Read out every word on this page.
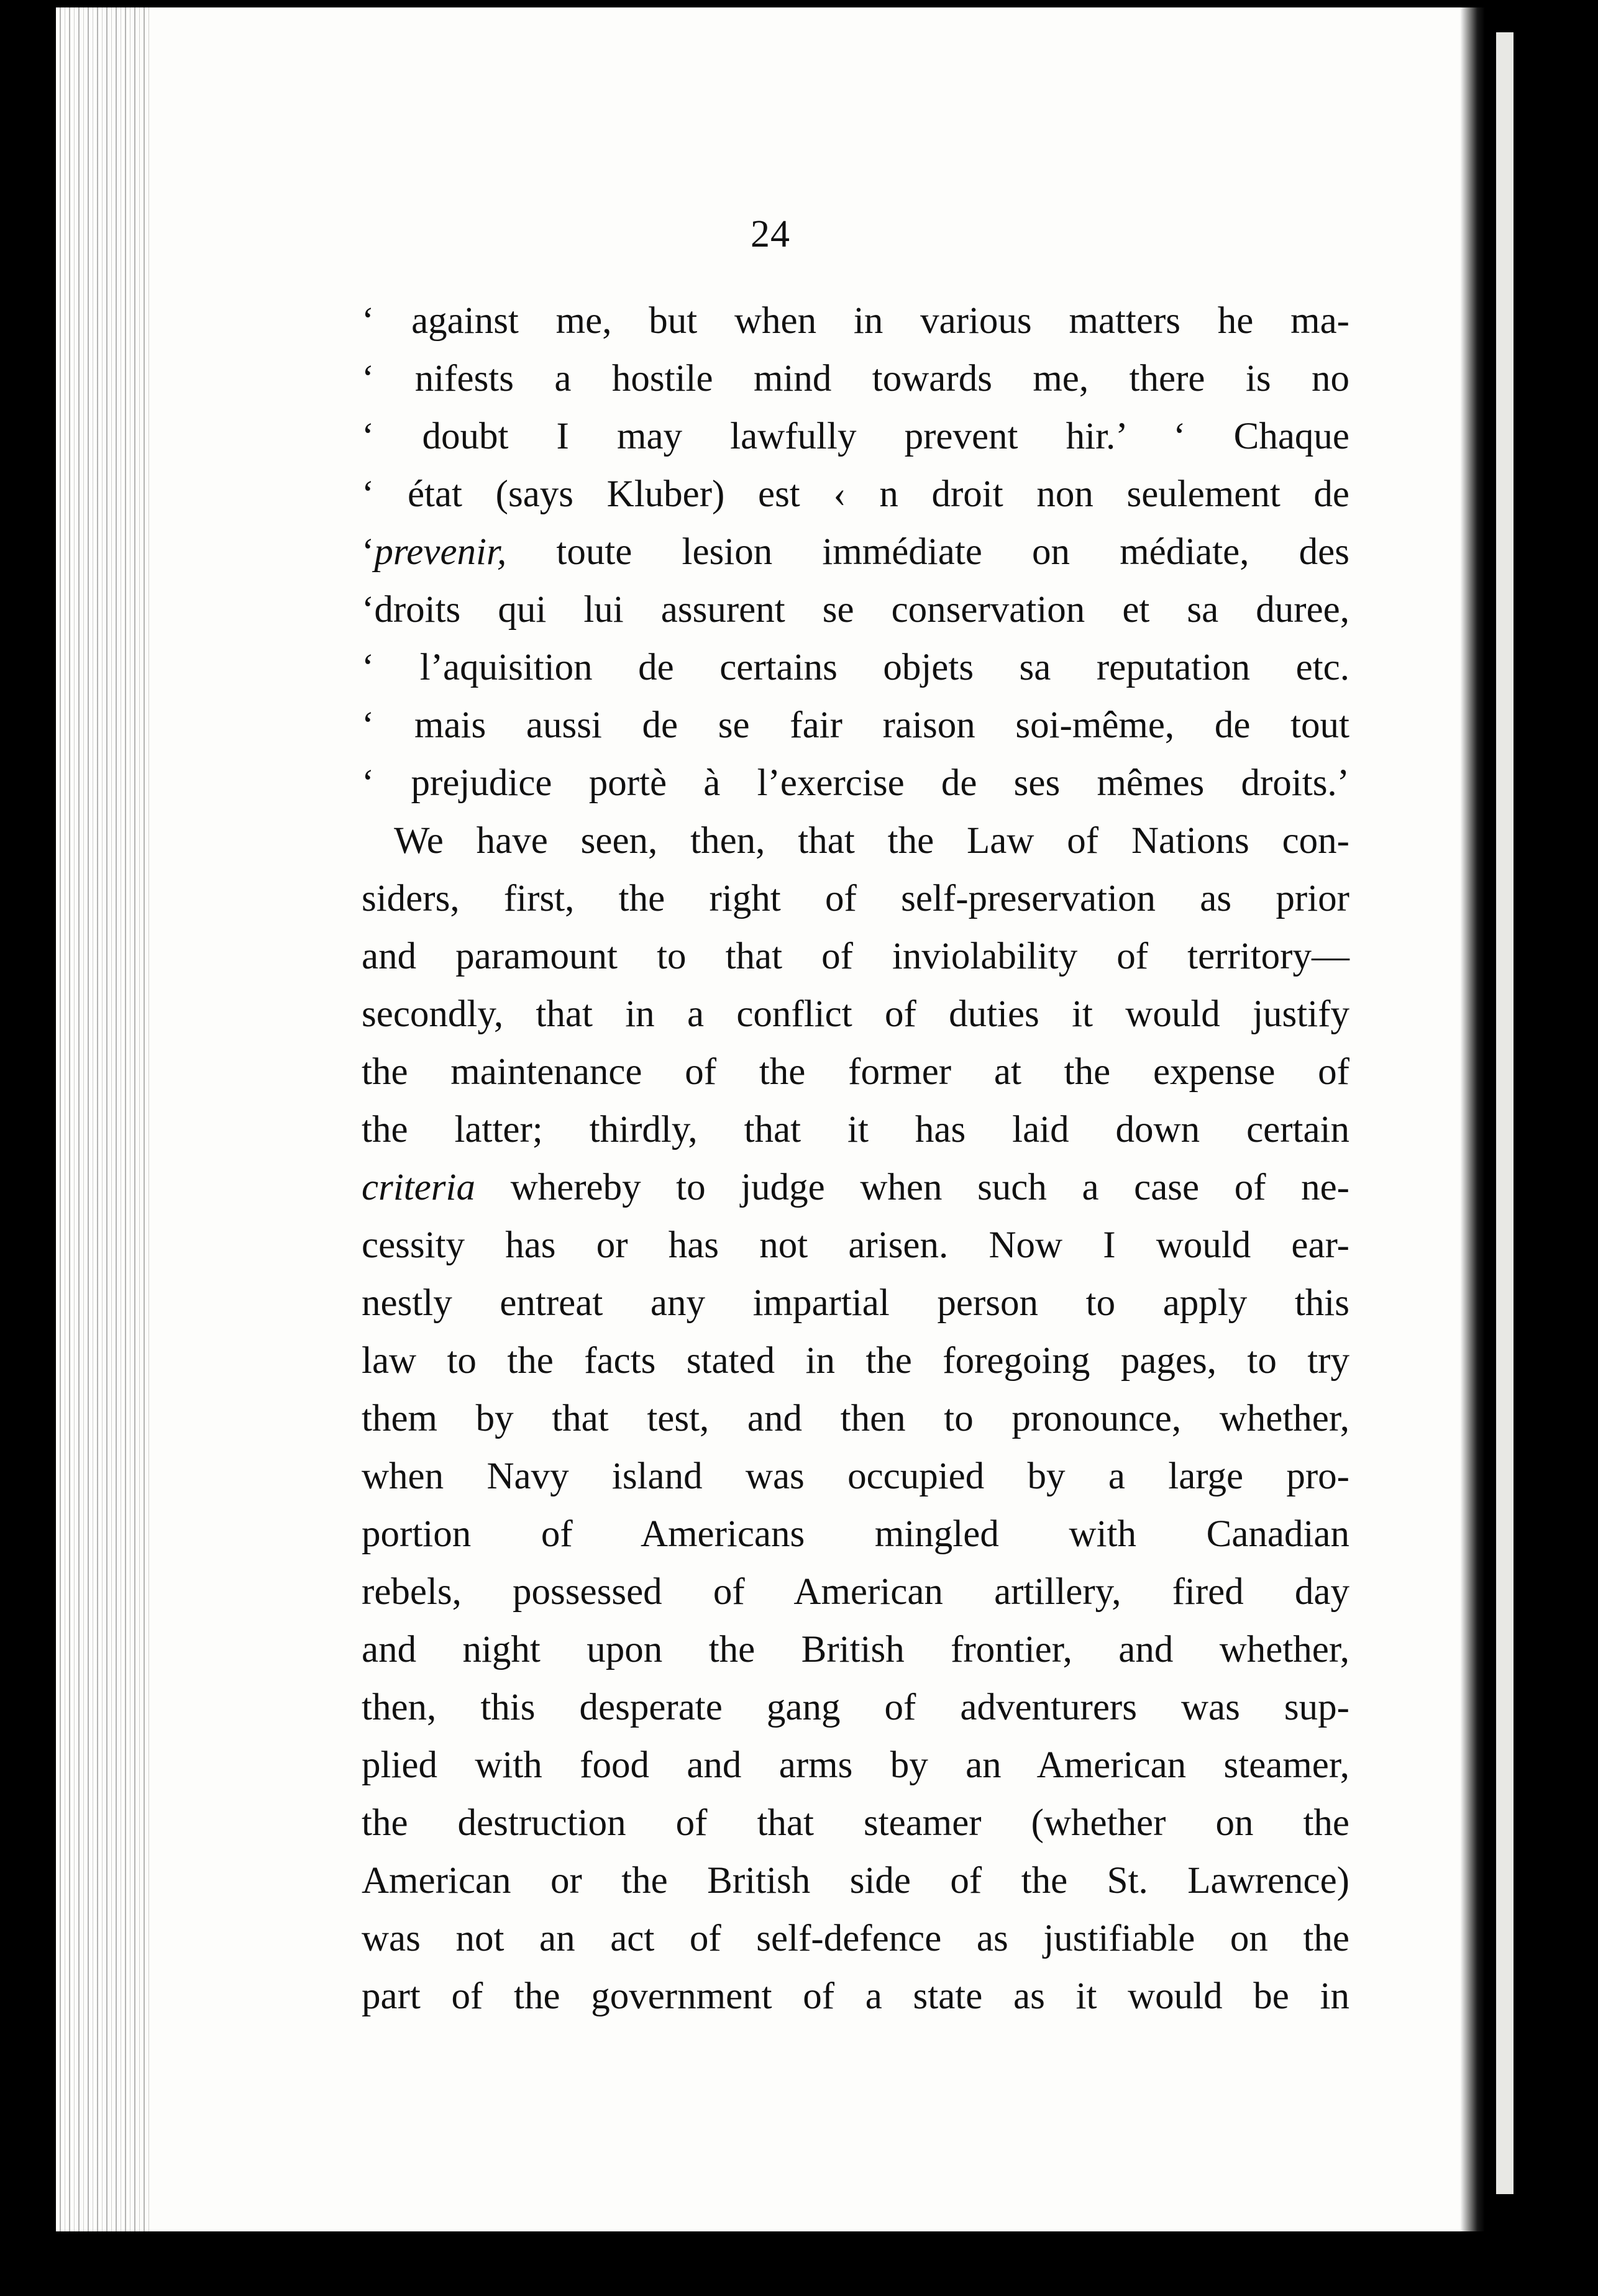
24
‘ against me, but when in various matters he ma-
‘ nifests a hostile mind towards me, there is no
‘ doubt I may lawfully prevent hir.’ ‘ Chaque
‘ état (says Kluber) est ‹ n droit non seulement de
‘prevenir, toute lesion immédiate on médiate, des
‘droits qui lui assurent se conservation et sa duree,
‘ l’aquisition de certains objets sa reputation etc.
‘ mais aussi de se fair raison soi-même, de tout
‘ prejudice portè à l’exercise de ses mêmes droits.’
We have seen, then, that the Law of Nations con-
siders, first, the right of self-preservation as prior
and paramount to that of inviolability of territory—
secondly, that in a conflict of duties it would justify
the maintenance of the former at the expense of
the latter; thirdly, that it has laid down certain
criteria whereby to judge when such a case of ne-
cessity has or has not arisen. Now I would ear-
nestly entreat any impartial person to apply this
law to the facts stated in the foregoing pages, to try
them by that test, and then to pronounce, whether,
when Navy island was occupied by a large pro-
portion of Americans mingled with Canadian
rebels, possessed of American artillery, fired day
and night upon the British frontier, and whether,
then, this desperate gang of adventurers was sup-
plied with food and arms by an American steamer,
the destruction of that steamer (whether on the
American or the British side of the St. Lawrence)
was not an act of self-defence as justifiable on the
part of the government of a state as it would be in
